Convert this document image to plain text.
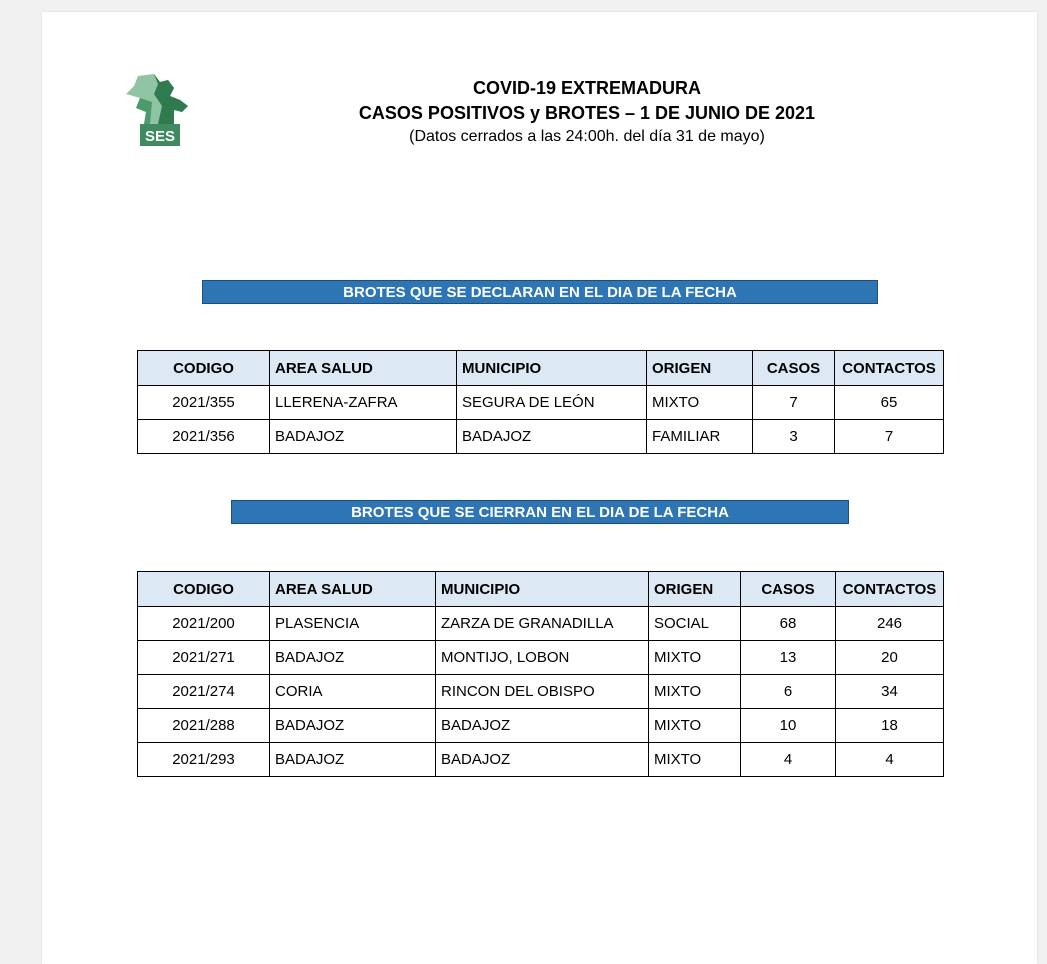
SES
COVID-19 EXTREMADURA
CASOS POSITIVOS y BROTES – 1 DE JUNIO DE 2021
(Datos cerrados a las 24:00h. del día 31 de mayo)
BROTES QUE SE DECLARAN EN EL DIA DE LA FECHA
CODIGO	AREA SALUD	MUNICIPIO	ORIGEN	CASOS	CONTACTOS
2021/355	LLERENA-ZAFRA	SEGURA DE LEÓN	MIXTO	7	65
2021/356	BADAJOZ	BADAJOZ	FAMILIAR	3	7
BROTES QUE SE CIERRAN EN EL DIA DE LA FECHA
CODIGO	AREA SALUD	MUNICIPIO	ORIGEN	CASOS	CONTACTOS
2021/200	PLASENCIA	ZARZA DE GRANADILLA	SOCIAL	68	246
2021/271	BADAJOZ	MONTIJO, LOBON	MIXTO	13	20
2021/274	CORIA	RINCON DEL OBISPO	MIXTO	6	34
2021/288	BADAJOZ	BADAJOZ	MIXTO	10	18
2021/293	BADAJOZ	BADAJOZ	MIXTO	4	4
